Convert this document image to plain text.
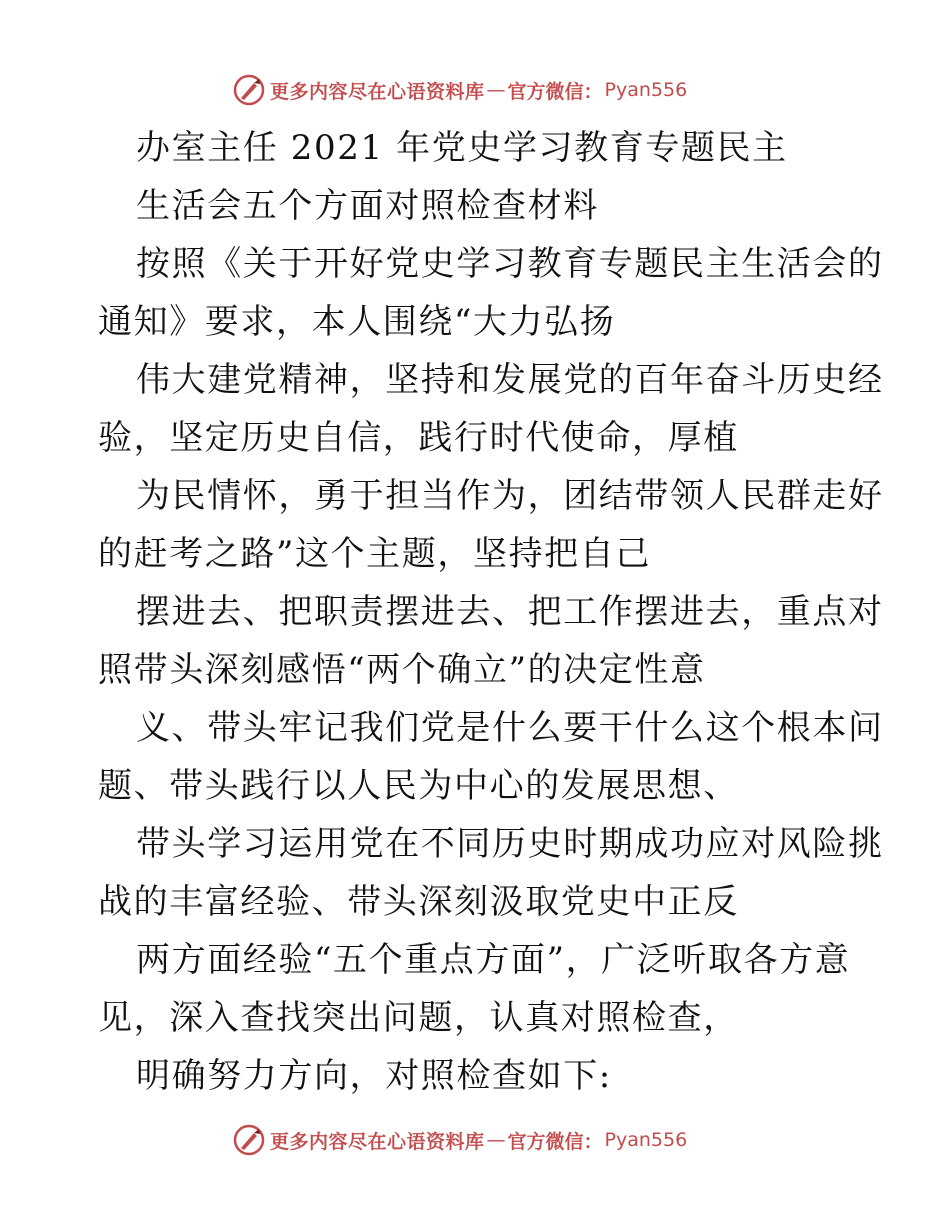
更多内容尽在心语资料库 — 官方微信： Pyan556
办室主任 2021 年党史学习教育专题民主
生活会五个方面对照检查材料
按照《关于开好党史学习教育专题民主生活会的
通知》要求，本人围绕“大力弘扬
伟大建党精神，坚持和发展党的百年奋斗历史经
验，坚定历史自信，践行时代使命，厚植
为民情怀，勇于担当作为，团结带领人民群走好
的赶考之路”这个主题，坚持把自己
摆进去、把职责摆进去、把工作摆进去，重点对
照带头深刻感悟“两个确立”的决定性意
义、带头牢记我们党是什么要干什么这个根本问
题、带头践行以人民为中心的发展思想、
带头学习运用党在不同历史时期成功应对风险挑
战的丰富经验、带头深刻汲取党史中正反
两方面经验“五个重点方面”，广泛听取各方意
见，深入查找突出问题，认真对照检查，
明确努力方向，对照检查如下:
更多内容尽在心语资料库 — 官方微信： Pyan556
